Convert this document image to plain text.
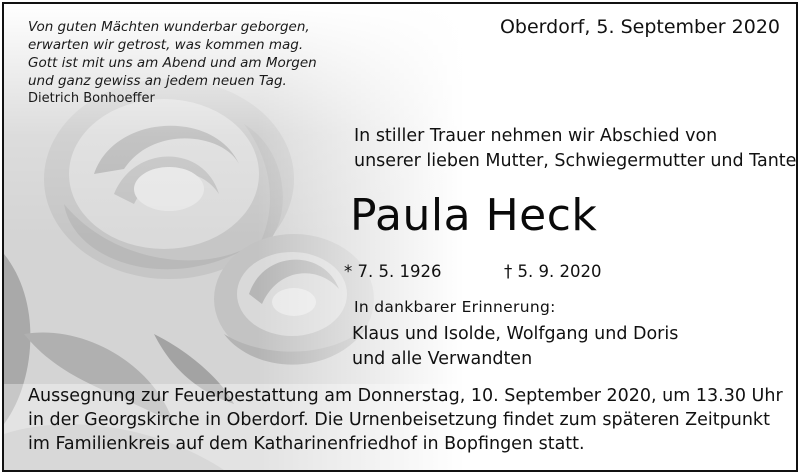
Von guten Mächten wunderbar geborgen,
erwarten wir getrost, was kommen mag.
Gott ist mit uns am Abend und am Morgen
und ganz gewiss an jedem neuen Tag.
Dietrich Bonhoeffer
Oberdorf, 5. September 2020
In stiller Trauer nehmen wir Abschied von
unserer lieben Mutter, Schwiegermutter und Tante
Paula Heck
* 7. 5. 1926	† 5. 9. 2020
In dankbarer Erinnerung:
Klaus und Isolde, Wolfgang und Doris
und alle Verwandten
Aussegnung zur Feuerbestattung am Donnerstag, 10. September 2020, um 13.30 Uhr
in der Georgskirche in Oberdorf. Die Urnenbeisetzung findet zum späteren Zeitpunkt
im Familienkreis auf dem Katharinenfriedhof in Bopfingen statt.
